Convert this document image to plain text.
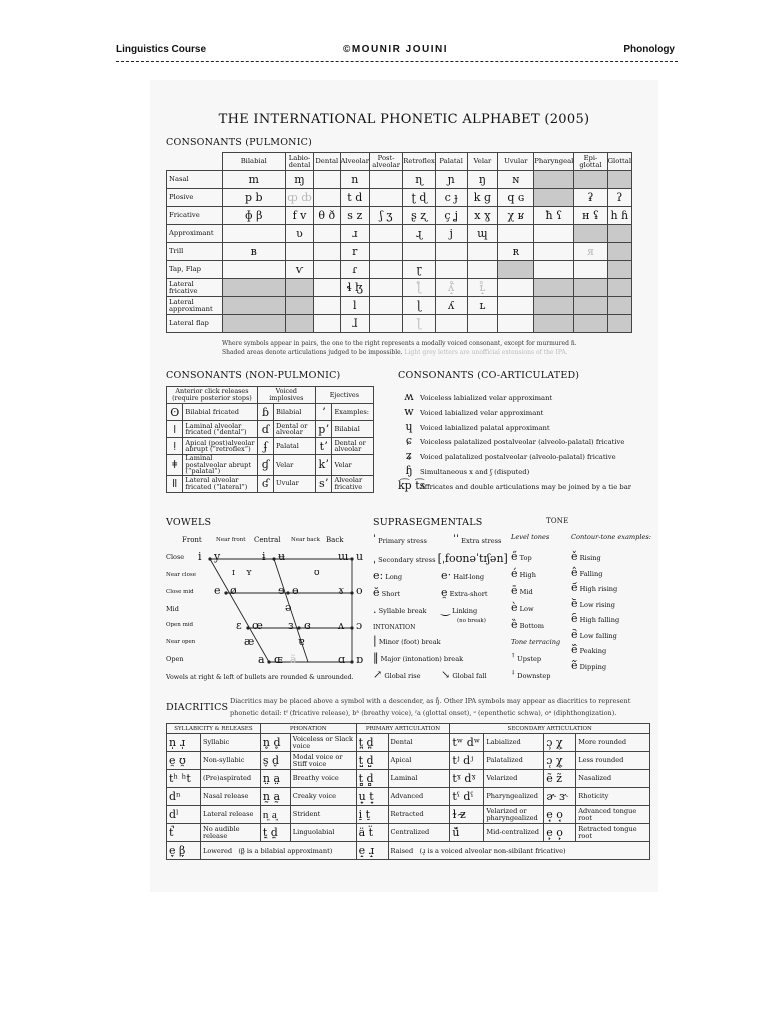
Linguistics Course	©MOUNIR JOUINI	Phonology
THE INTERNATIONAL PHONETIC ALPHABET (2005)
CONSONANTS (PULMONIC)
	Bilabial	Labio-dental	Dental	Alveolar	Post-alveolar	Retroflex	Palatal	Velar	Uvular	Pharyngeal	Epi-glottal	Glottal
Nasal	m	ɱ		n		ɳ	ɲ	ŋ	ɴ			
Plosive	p b	ȹ ȸ		t d		ʈ ɖ	c ɟ	k ɡ	q ɢ		ʡ	ʔ
Fricative	ɸ β	f v	θ ð	s z	ʃ ʒ	ʂ ʐ	ç ʝ	x ɣ	χ ʁ	ħ ʕ	ʜ ʢ	h ɦ
Approximant		ʋ		ɹ		ɻ	j	ɰ				
Trill	ʙ			r					ʀ		я	
Tap, Flap		ⱱ		ɾ		ɽ						
Lateral fricative				ɬ ɮ		ɭ̊	ʎ̝̊	ʟ̝̊				
Lateral approximant				l		ɭ	ʎ	ʟ				
Lateral flap				ɺ		ɭ̆						
Where symbols appear in pairs, the one to the right represents a modally voiced consonant, except for murmured ɦ.
Shaded areas denote articulations judged to be impossible. Light grey letters are unofficial extensions of the IPA.
CONSONANTS (NON-PULMONIC)
Anterior click releases (require posterior stops)		Voiced implosives		Ejectives	
ʘ	Bilabial fricated	ɓ	Bilabial	ʼ	Examples:
ǀ	Laminal alveolar fricated (“dental”)	ɗ	Dental or alveolar	pʼ	Bilabial
ǃ	Apical (post)alveolar abrupt (“retroflex”)	ʄ	Palatal	tʼ	Dental or alveolar
ǂ	Laminal postalveolar abrupt (“palatal”)	ɠ	Velar	kʼ	Velar
ǁ	Lateral alveolar fricated (“lateral”)	ʛ	Uvular	sʼ	Alveolar fricative
CONSONANTS (CO-ARTICULATED)
ʍ Voiceless labialized velar approximant
w Voiced labialized velar approximant
ɥ Voiced labialized palatal approximant
ɕ Voiceless palatalized postalveolar (alveolo-palatal) fricative
ʑ Voiced palatalized postalveolar (alveolo-palatal) fricative
ɧ Simultaneous x and ʃ (disputed)
k͡p t͡sAffricates and double articulations may be joined by a tie bar
VOWELS
Front	Near front Central Near back Back
Close
Near close
Close mid
Mid
Open mid
Near open
Open
i y	ɨ ʉ	ɯ u
ɪ ʏ	ʊ
e ø	ɘ ɵ	ɤ o
ə
ɛ œ ɜ ɞ ʌ ɔ
æ	ɐ
a ɶ ä	ɑ ɒ
Vowels at right & left of bullets are rounded & unrounded.
SUPRASEGMENTALS	TONE
ˈ Primary stress ˈˈ Extra stress
ˌ Secondary stress [ˌfoʊnəˈtɪʃən]
eː Long	eˑ Half-long
ĕ Short	e̯ Extra-short
. Syllable break ‿ Linking
(no break)
INTONATION
| Minor (foot) break
‖ Major (intonation) break
↗ Global rise ↘ Global fall
Level tones	Contour-tone examples:
e̋ Top
é High
ē Mid
è Low
ȅ Bottom
ě Rising
ê Falling
e᷄ High rising
e᷅ Low rising
e᷇ High falling
e᷆ Low falling
e᷈ Peaking
e᷉ Dipping
Tone terracing
ꜛ Upstep
ꜜ Downstep
DIACRITICS
Diacritics may be placed above a symbol with a descender, as ŋ̊. Other IPA symbols may appear as diacritics to represent
phonetic detail: tᶠ (fricative release), bʱ (breathy voice), ˀa (glottal onset), ᵊ (epenthetic schwa), oᶷ (diphthongization).
SYLLABICITY & RELEASES		PHONATION		PRIMARY ARTICULATION		SECONDARY ARTICULATION			
n̩ ɹ̩	Syllabic	n̥ d̥	Voiceless or Slack voice	t̪ d̪	Dental	tʷ dʷ	Labialized	ɔ̹ χ̹	More rounded
e̯ ʊ̯	Non-syllabic	s̬ d̬	Modal voice or Stiff voice	t̺ d̺	Apical	tʲ dʲ	Palatalized	ɔ̜ χ̜	Less rounded
tʰ ʰt	(Pre)aspirated	n̤ a̤	Breathy voice	t̻ d̻	Laminal	tˠ dˠ	Velarized	ẽ z̃	Nasalized
dⁿ	Nasal release	n̰ a̰	Creaky voice	u̟ t̟	Advanced	tˤ dˤ	Pharyngealized	ɚ ɝ	Rhoticity
dˡ	Lateral release	n͈ a͈	Strident	i̠ t̠	Retracted	ɫ z̴	Velarized or pharyngealized	e̘ o̘	Advanced tongue root
t̚	No audible release	t̼ d̼	Linguolabial	ä ẗ	Centralized	ŭ̽	Mid-centralized	e̙ o̙	Retracted tongue root
e̞ β̞	Lowered (β̞ is a bilabial approximant)			e̝ ɹ̝	Raised (ɹ̝ is a voiced alveolar non-sibilant fricative)				
